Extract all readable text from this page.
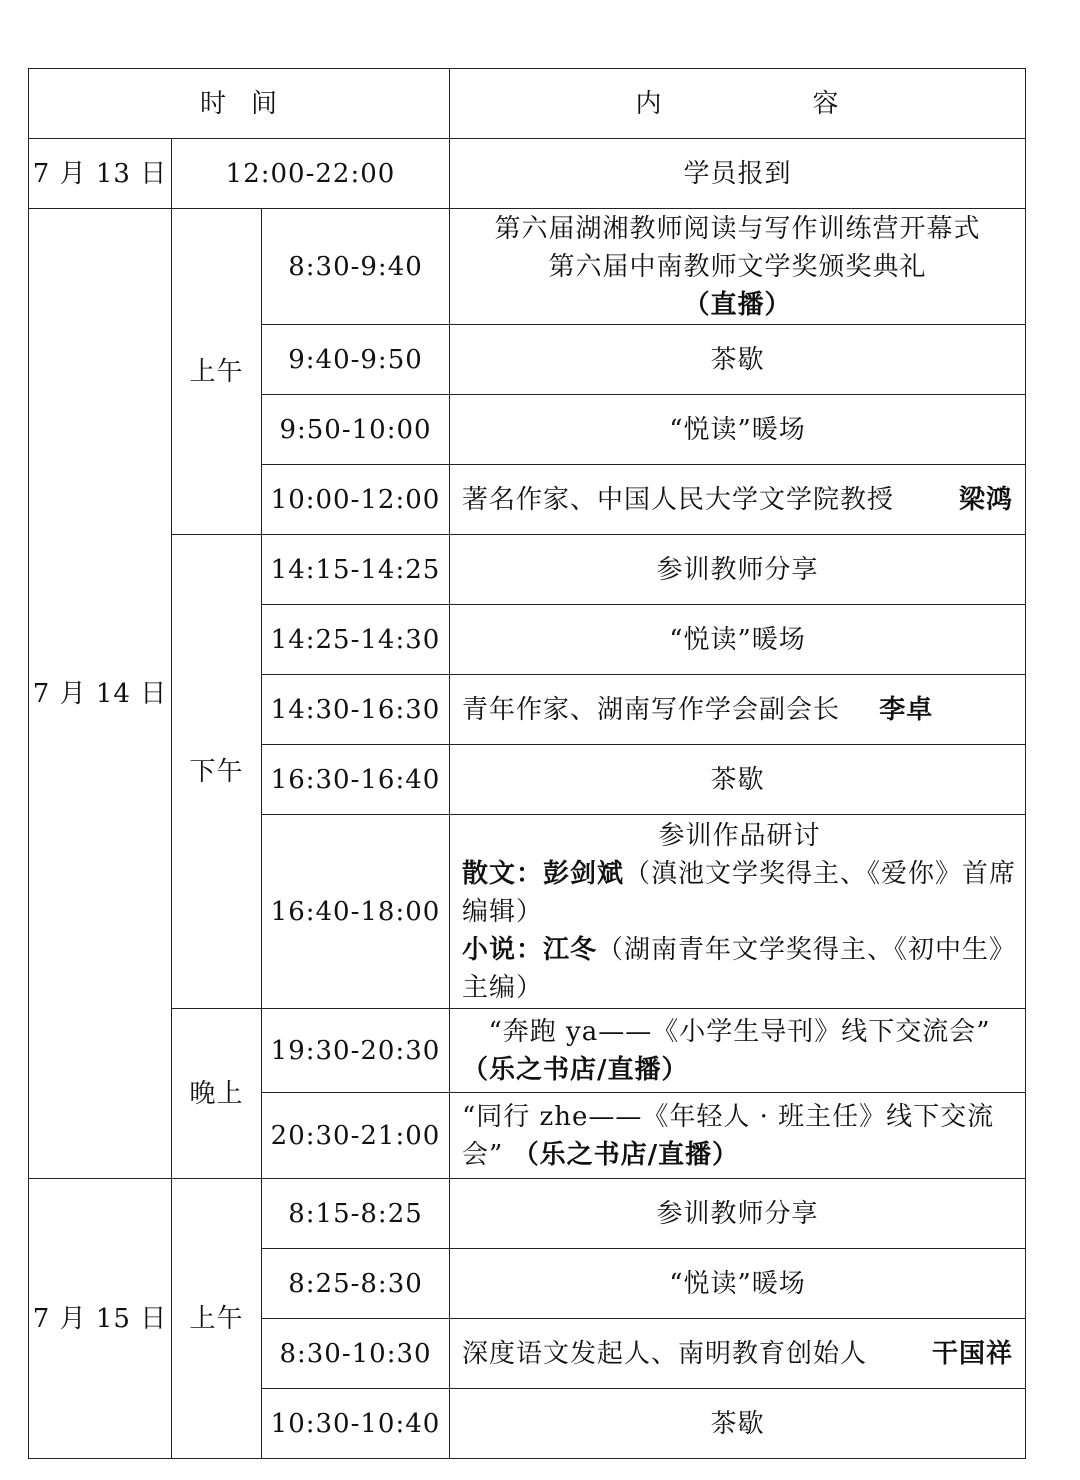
时 间			内 容
7 月 13 日	12:00-22:00		学员报到
7 月 14 日	上午	8:30-9:40	第六届湖湘教师阅读与写作训练营开幕式
第六届中南教师文学奖颁奖典礼
（直播）

		9:40-9:50	茶歇
		9:50-10:00	“悦读”暖场
		10:00-12:00	著名作家、中国人民大学文学院教授 梁鸿

	下午	14:15-14:25	参训教师分享
		14:25-14:30	“悦读”暖场
		14:30-16:30	青年作家、湖南写作学会副会长 李卓
		16:30-16:40	茶歇
		16:40-18:00	参训作品研讨
散文：彭剑斌（滇池文学奖得主、《爱你》首席编辑）
小说：江冬（湖南青年文学奖得主、《初中生》主编）

	晚上	19:30-20:30	“奔跑 ya——《小学生导刊》线下交流会”
（乐之书店/直播）

		20:30-21:00	“同行 zhe——《年轻人 · 班主任》线下交流会” （乐之书店/直播）
7 月 15 日	上午	8:15-8:25	参训教师分享
		8:25-8:30	“悦读”暖场
		8:30-10:30	深度语文发起人、南明教育创始人 干国祥

		10:30-10:40	茶歇
